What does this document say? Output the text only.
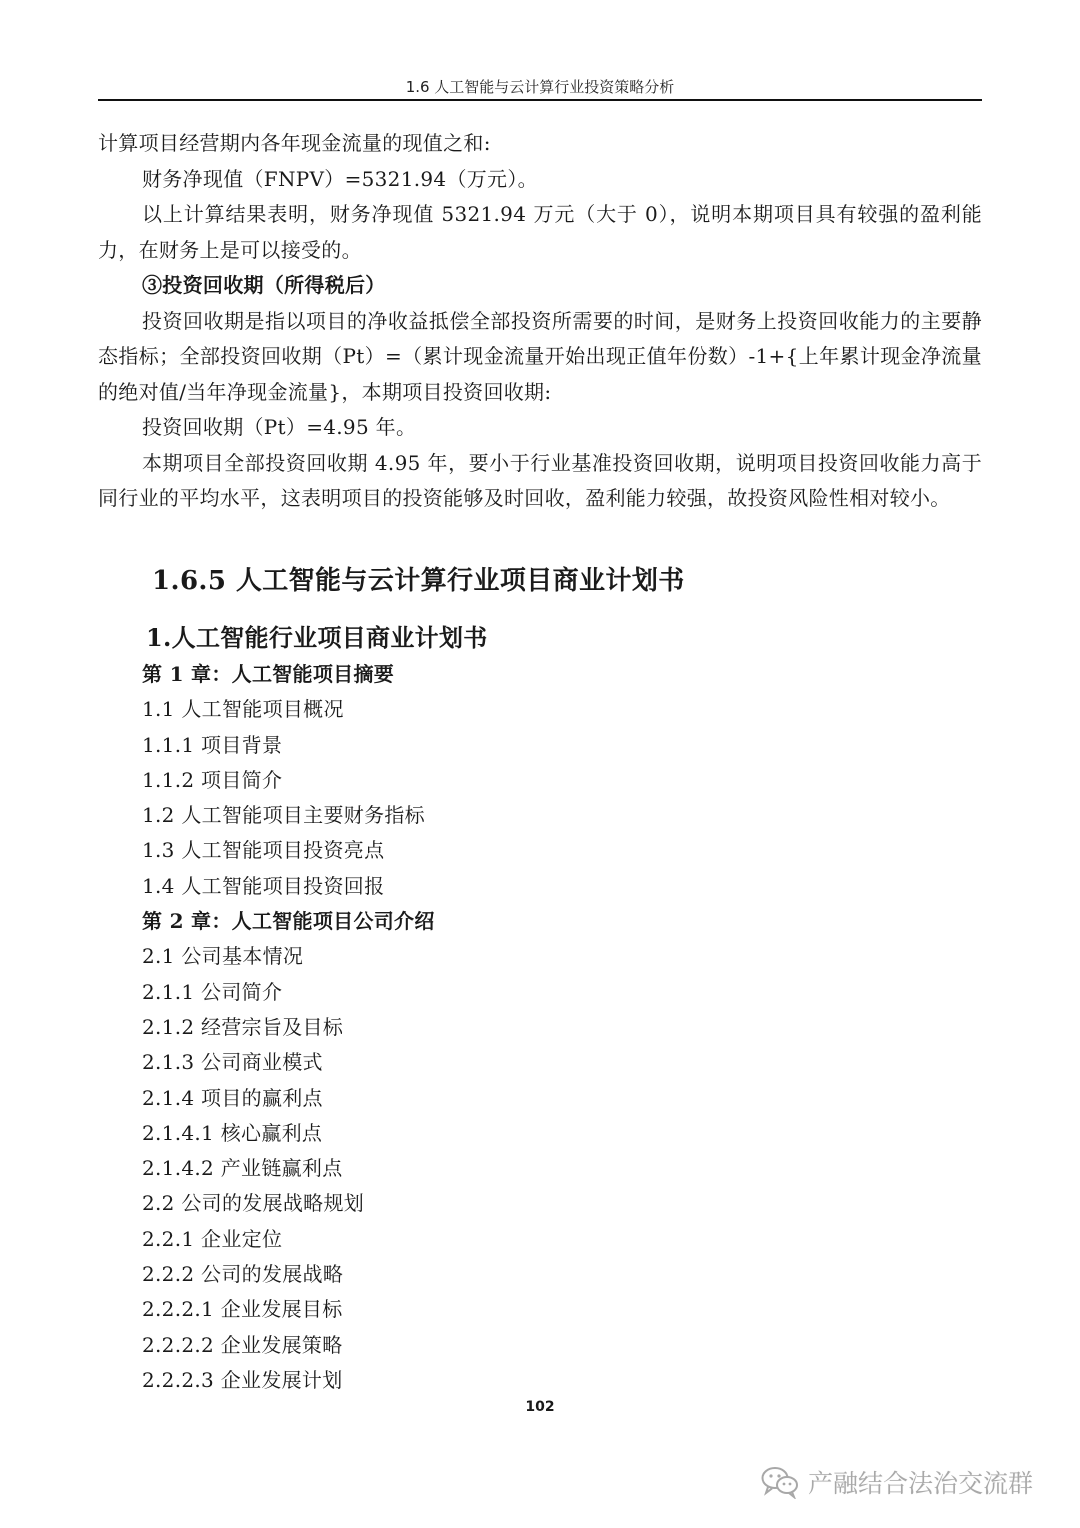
1.6 人工智能与云计算行业投资策略分析

计算项目经营期内各年现金流量的现值之和:

财务净现值（FNPV）=5321.94（万元）。

以上计算结果表明，财务净现值 5321.94 万元（大于 0），说明本期项目具有较强的盈利能力，在财务上是可以接受的。

③投资回收期（所得税后）

投资回收期是指以项目的净收益抵偿全部投资所需要的时间，是财务上投资回收能力的主要静态指标；全部投资回收期（Pt）=（累计现金流量开始出现正值年份数）-1+{上年累计现金净流量的绝对值/当年净现金流量}，本期项目投资回收期:

投资回收期（Pt）=4.95 年。

本期项目全部投资回收期 4.95 年，要小于行业基准投资回收期，说明项目投资回收能力高于同行业的平均水平，这表明项目的投资能够及时回收，盈利能力较强，故投资风险性相对较小。

1.6.5 人工智能与云计算行业项目商业计划书
1.人工智能行业项目商业计划书
第 1 章：人工智能项目摘要
1.1 人工智能项目概况
1.1.1 项目背景
1.1.2 项目简介
1.2 人工智能项目主要财务指标
1.3 人工智能项目投资亮点
1.4 人工智能项目投资回报
第 2 章：人工智能项目公司介绍
2.1 公司基本情况
2.1.1 公司简介
2.1.2 经营宗旨及目标
2.1.3 公司商业模式
2.1.4 项目的赢利点
2.1.4.1 核心赢利点
2.1.4.2 产业链赢利点
2.2 公司的发展战略规划
2.2.1 企业定位
2.2.2 公司的发展战略
2.2.2.1 企业发展目标
2.2.2.2 企业发展策略
2.2.2.3 企业发展计划
102
产融结合法治交流群
